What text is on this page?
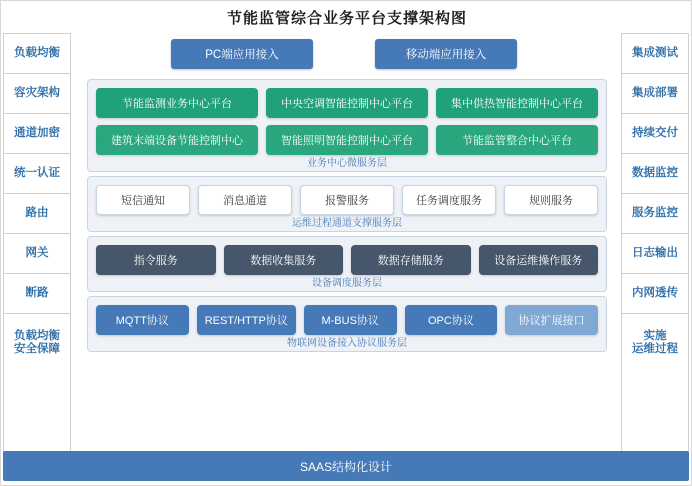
节能监管综合业务平台支撑架构图
负载均衡
容灾架构
通道加密
统一认证
路由
网关
断路
负载均衡
安全保障
集成测试
集成部署
持续交付
数据监控
服务监控
日志输出
内网透传
实施
运维过程
PC端应用接入	移动端应用接入
节能监测业务中心平台	中央空调智能控制中心平台	集中供热智能控制中心平台
建筑末端设备节能控制中心	智能照明智能控制中心平台	节能监管整合中心平台
业务中心微服务层
短信通知	消息通道	报警服务	任务调度服务	规则服务
运维过程通道支撑服务层
指令服务	数据收集服务	数据存储服务	设备运维操作服务
设备调度服务层
MQTT协议	REST/HTTP协议	M-BUS协议	OPC协议	协议扩展接口
物联网设备接入协议服务层
SAAS结构化设计
